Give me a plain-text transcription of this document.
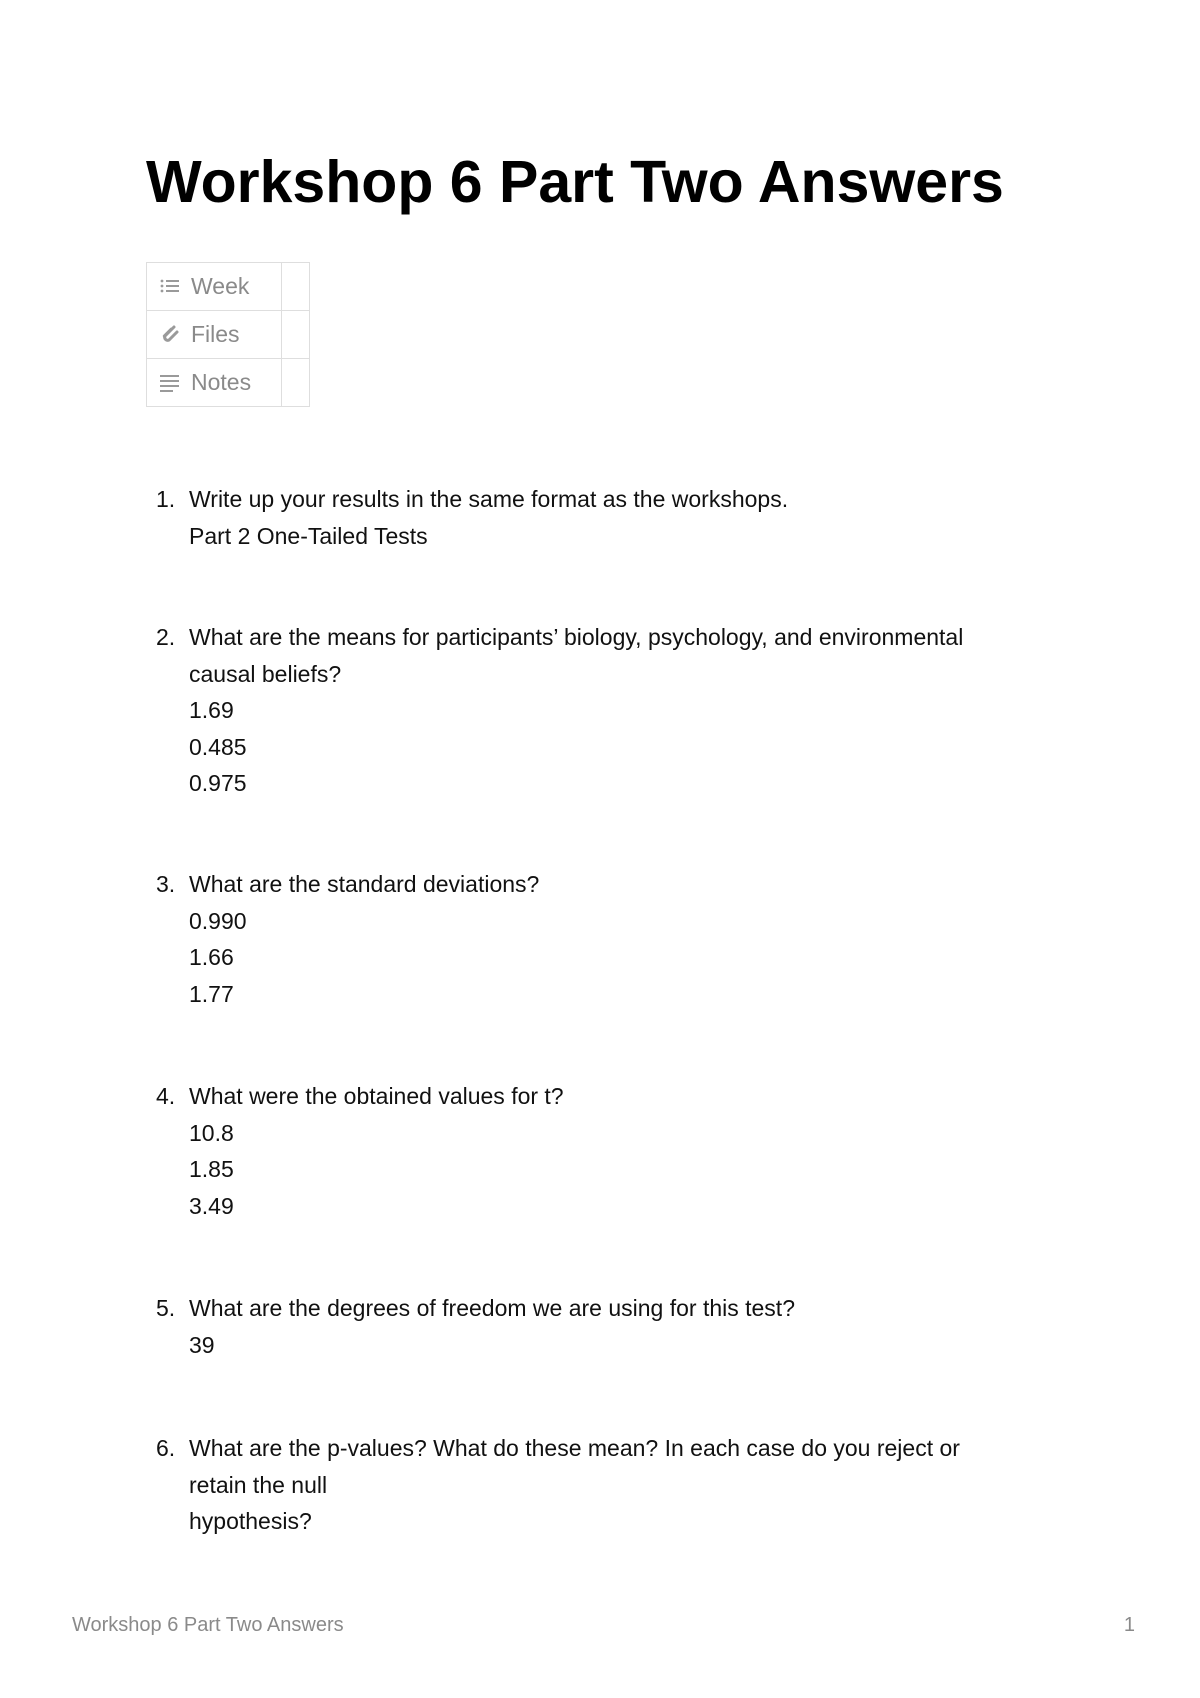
Workshop 6 Part Two Answers
Week	

Files	

Notes	
1. Write up your results in the same format as the workshops.
Part 2 One-Tailed Tests
2. What are the means for participants’ biology, psychology, and environmental
causal beliefs?
1.69
0.485
0.975
3. What are the standard deviations?
0.990
1.66
1.77
4. What were the obtained values for t?
10.8
1.85
3.49
5. What are the degrees of freedom we are using for this test?
39
6. What are the p-values? What do these mean? In each case do you reject or
retain the null
hypothesis?
Workshop 6 Part Two Answers	1
